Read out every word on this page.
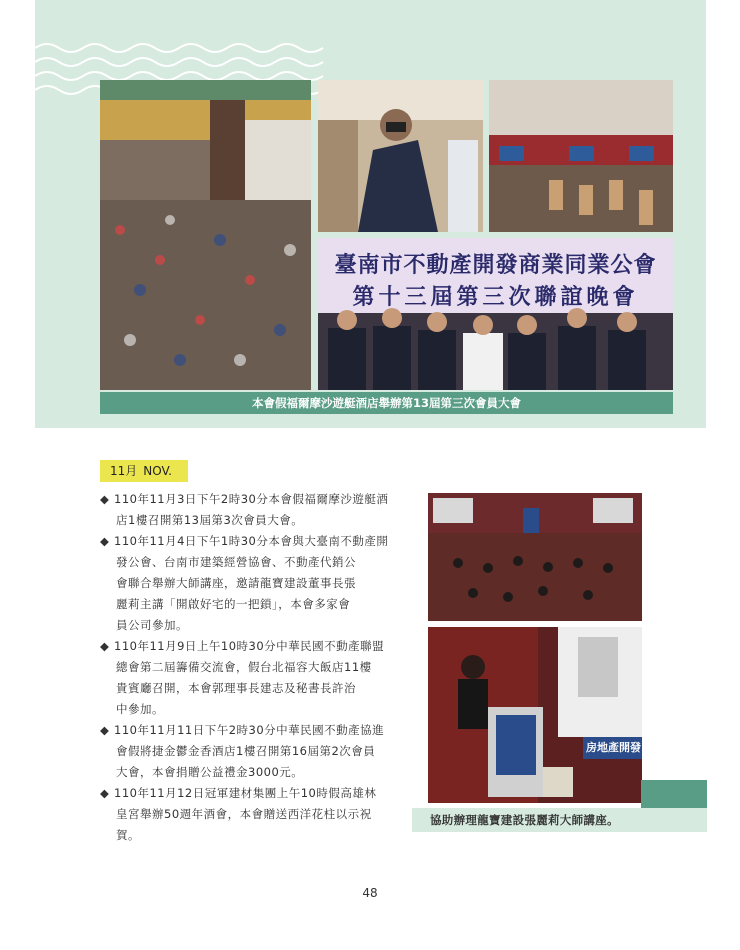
臺南市不動產開發商業同業公會
第十三屆第三次聯誼晚會
本會假福爾摩沙遊艇酒店舉辦第13屆第三次會員大會
11月 NOV.

◆ 110年11月3日下午2時30分本會假福爾摩沙遊艇酒
店1樓召開第13屆第3次會員大會。

◆ 110年11月4日下午1時30分本會與大臺南不動產開
發公會、台南市建築經營協會、不動產代銷公
會聯合舉辦大師講座，邀請龍寶建設董事長張
麗莉主講「開啟好宅的一把鎖」，本會多家會
員公司參加。

◆ 110年11月9日上午10時30分中華民國不動產聯盟
總會第二屆籌備交流會，假台北福容大飯店11樓
貴賓廳召開，本會郭理事長建志及秘書長許治
中參加。

◆ 110年11月11日下午2時30分中華民國不動產協進
會假將捷金鬱金香酒店1樓召開第16屆第2次會員
大會，本會捐贈公益禮金3000元。

◆ 110年11月12日冠軍建材集團上午10時假高雄林
皇宮舉辦50週年酒會，本會贈送西洋花柱以示祝
賀。

房地產開發
協助辦理龍寶建設張麗莉大師講座。
48
